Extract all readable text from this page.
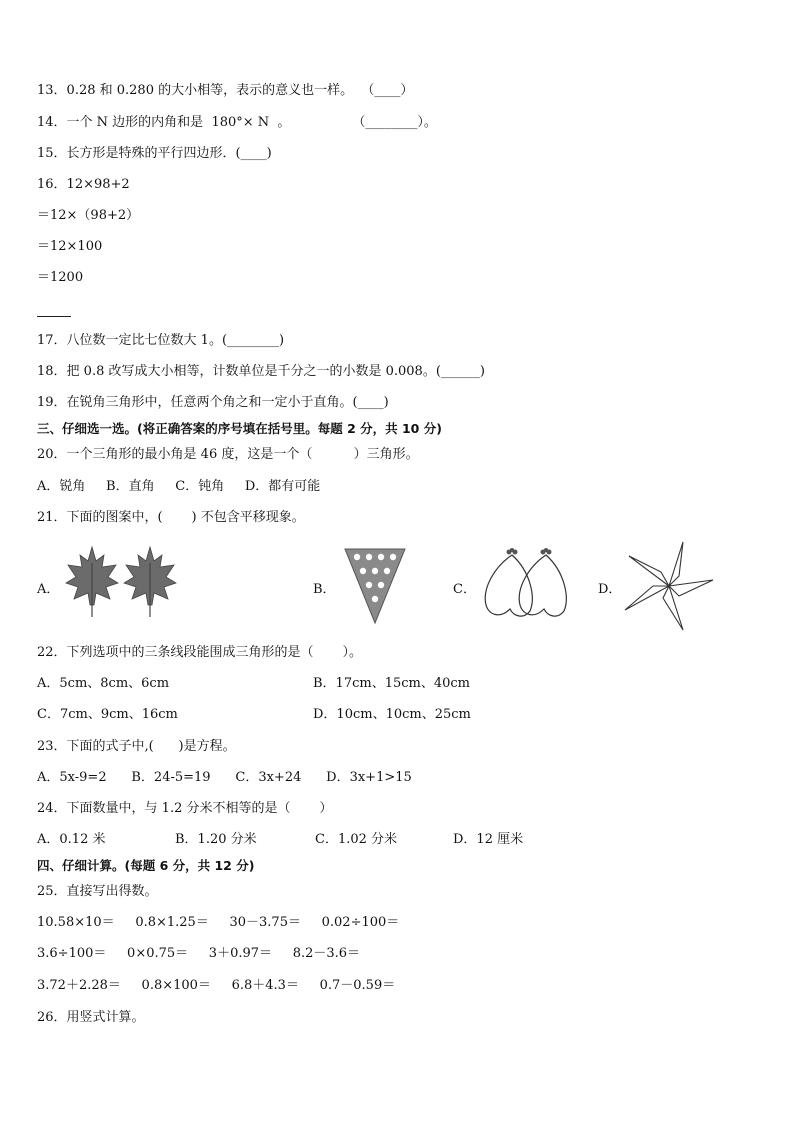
13．0.28 和 0.280 的大小相等，表示的意义也一样。  （____）
14．一个 N 边形的内角和是  180°× N  。               （________）。
15．长方形是特殊的平行四边形．(____)
16．12×98+2
＝12×（98+2）
＝12×100
＝1200
17．八位数一定比七位数大 1。(________)
18．把 0.8 改写成大小相等，计数单位是千分之一的小数是 0.008。(______)
19．在锐角三角形中，任意两个角之和一定小于直角。(____)
三、仔细选一选。(将正确答案的序号填在括号里。每题 2 分，共 10 分)
20．一个三角形的最小角是 46 度，这是一个（          ）三角形。
A．锐角     B．直角     C．钝角     D．都有可能
21．下面的图案中，(       ) 不包含平移现象。
A．	B．	C．	D．
22．下列选项中的三条线段能围成三角形的是（       ）。
A．5cm、8cm、6cm	B．17cm、15cm、40cm
C．7cm、9cm、16cm	D．10cm、10cm、25cm
23．下面的式子中,(      )是方程。
A．5x-9=2      B．24-5=19      C．3x+24      D．3x+1>15
24．下面数量中，与 1.2 分米不相等的是（       ）
A．0.12 米	B．1.20 分米	C．1.02 分米	D．12 厘米
四、仔细计算。(每题 6 分，共 12 分)
25．直接写出得数。
10.58×10＝     0.8×1.25＝     30－3.75＝     0.02÷100＝
3.6÷100＝     0×0.75＝     3＋0.97＝     8.2－3.6＝
3.72＋2.28＝     0.8×100＝     6.8＋4.3＝     0.7－0.59＝
26．用竖式计算。
